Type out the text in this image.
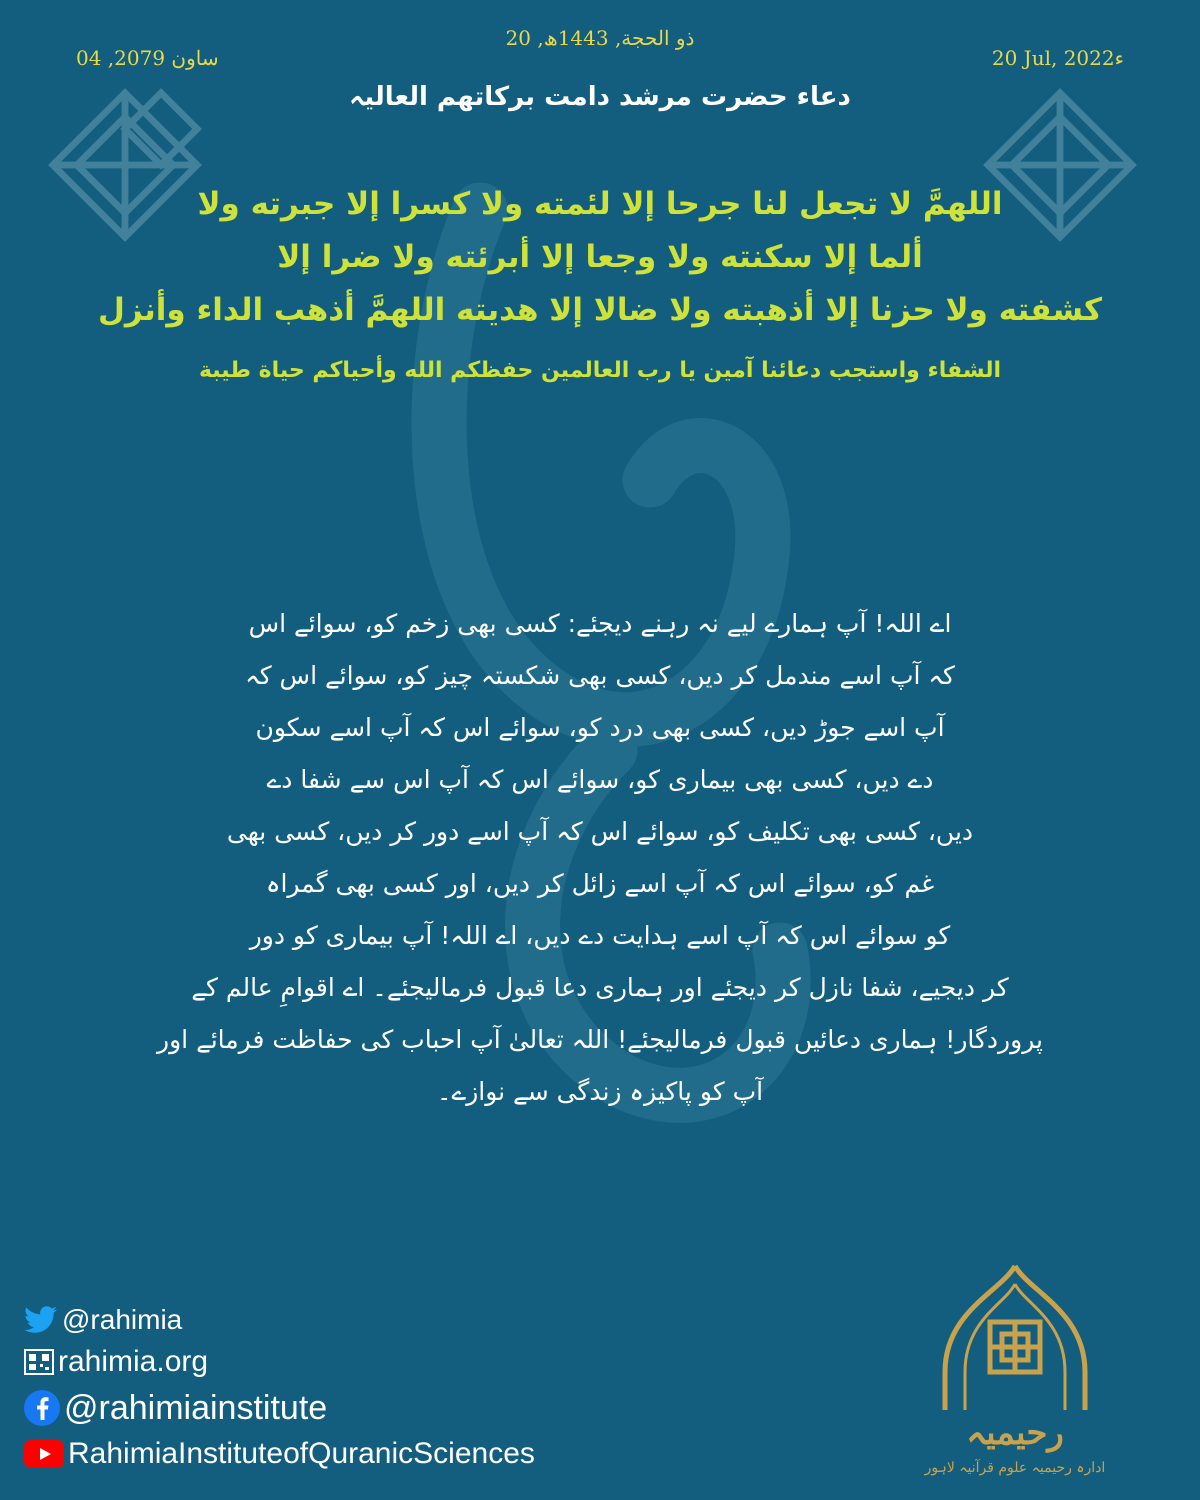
04 ,ساون 2079
20 ,ذو الحجة, 1443ھ
20 Jul, 2022ء
دعاء حضرت مرشد دامت برکاتهم العالیہ
اللهمَّ لا تجعل لنا جرحا إلا لئمته ولا كسرا إلا جبرته ولا
ألما إلا سكنته ولا وجعا إلا أبرئته ولا ضرا إلا
كشفته ولا حزنا إلا أذهبته ولا ضالا إلا هديته اللهمَّ أذهب الداء وأنزل
الشفاء واستجب دعائنا آمين يا رب العالمين حفظكم الله وأحياكم حياة طيبة
اے اللہ! آپ ہمارے لیے نہ رہنے دیجئے: کسی بھی زخم کو، سوائے اس
کہ آپ اسے مندمل کر دیں، کسی بھی شکستہ چیز کو، سوائے اس کہ
آپ اسے جوڑ دیں، کسی بھی درد کو، سوائے اس کہ آپ اسے سکون
دے دیں، کسی بھی بیماری کو، سوائے اس کہ آپ اس سے شفا دے
دیں، کسی بھی تکلیف کو، سوائے اس کہ آپ اسے دور کر دیں، کسی بھی
غم کو، سوائے اس کہ آپ اسے زائل کر دیں، اور کسی بھی گمراہ
کو سوائے اس کہ آپ اسے ہدایت دے دیں، اے اللہ! آپ بیماری کو دور
کر دیجیے، شفا نازل کر دیجئے اور ہماری دعا قبول فرمالیجئے۔ اے اقوامِ عالم کے
پروردگار! ہماری دعائیں قبول فرمالیجئے! اللہ تعالیٰ آپ احباب کی حفاظت فرمائے اور
آپ کو پاکیزہ زندگی سے نوازے۔
@rahimia
rahimia.org
@rahimiainstitute
RahimiaInstituteofQuranicSciences
رحیمیہ
ادارہ رحیمیہ علوم قرآنیہ لاہور
